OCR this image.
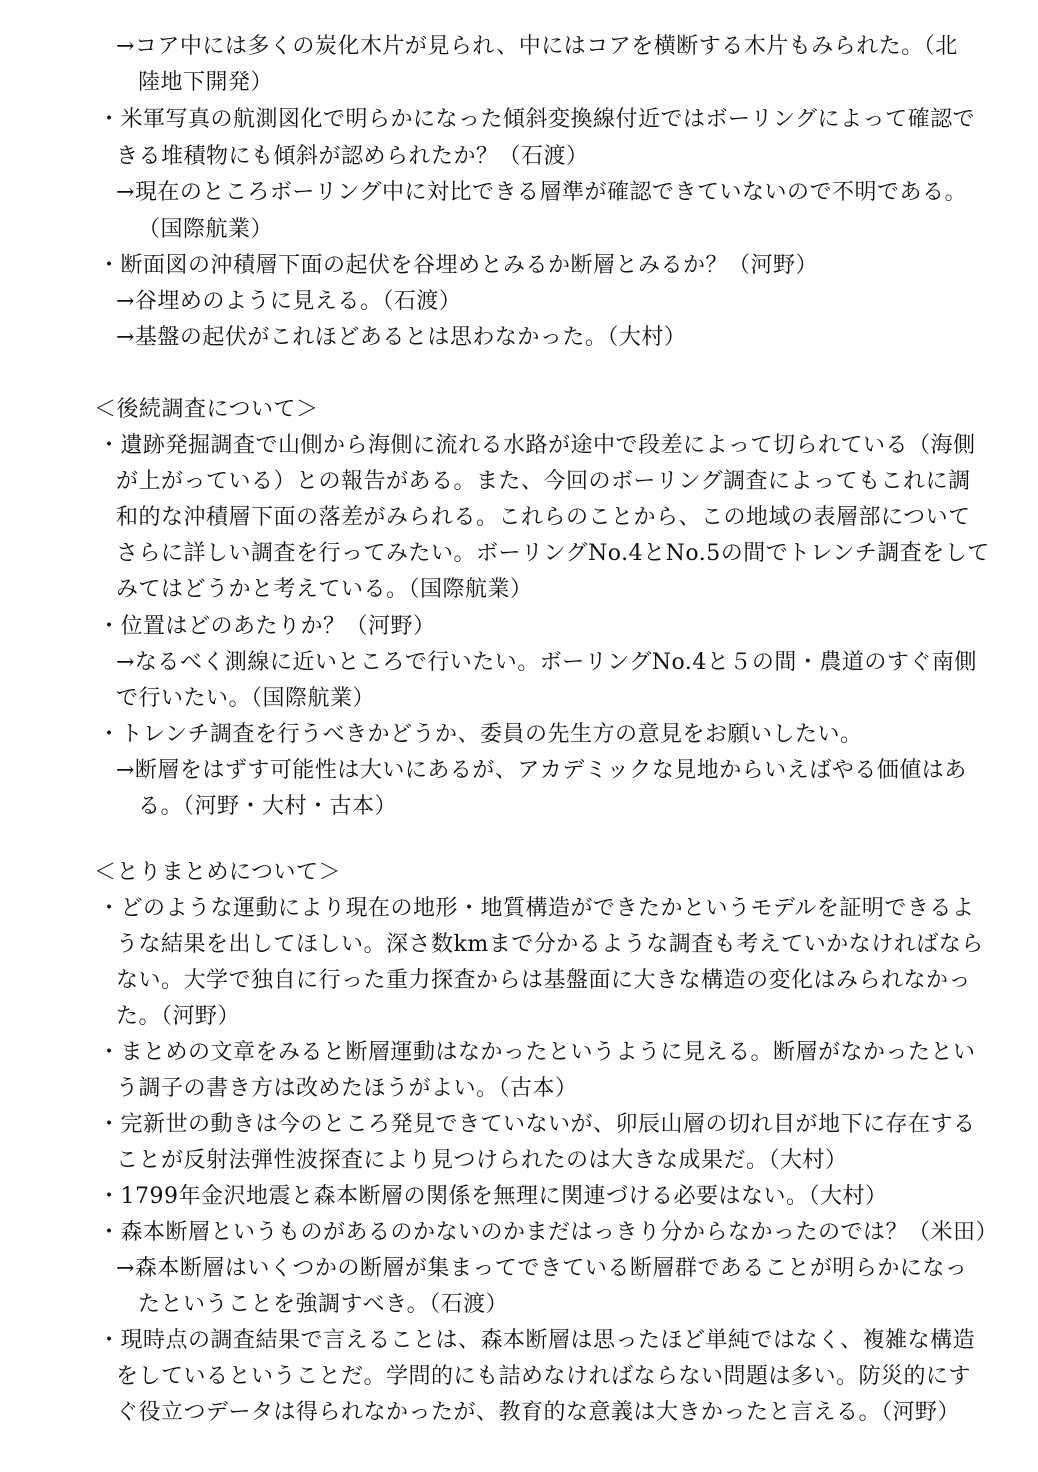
→コア中には多くの炭化木片が見られ、中にはコアを横断する木片もみられた。（北
陸地下開発）
・米軍写真の航測図化で明らかになった傾斜変換線付近ではボーリングによって確認で
きる堆積物にも傾斜が認められたか？（石渡）
→現在のところボーリング中に対比できる層準が確認できていないので不明である。
（国際航業）
・断面図の沖積層下面の起伏を谷埋めとみるか断層とみるか？（河野）
→谷埋めのように見える。（石渡）
→基盤の起伏がこれほどあるとは思わなかった。（大村）
＜後続調査について＞
・遺跡発掘調査で山側から海側に流れる水路が途中で段差によって切られている（海側
が上がっている）との報告がある。また、今回のボーリング調査によってもこれに調
和的な沖積層下面の落差がみられる。これらのことから、この地域の表層部について
さらに詳しい調査を行ってみたい。ボーリングNo.4とNo.5の間でトレンチ調査をして
みてはどうかと考えている。（国際航業）
・位置はどのあたりか？（河野）
→なるべく測線に近いところで行いたい。ボーリングNo.4と５の間・農道のすぐ南側
で行いたい。（国際航業）
・トレンチ調査を行うべきかどうか、委員の先生方の意見をお願いしたい。
→断層をはずす可能性は大いにあるが、アカデミックな見地からいえばやる価値はあ
る。（河野・大村・古本）
＜とりまとめについて＞
・どのような運動により現在の地形・地質構造ができたかというモデルを証明できるよ
うな結果を出してほしい。深さ数kmまで分かるような調査も考えていかなければなら
ない。大学で独自に行った重力探査からは基盤面に大きな構造の変化はみられなかっ
た。（河野）
・まとめの文章をみると断層運動はなかったというように見える。断層がなかったとい
う調子の書き方は改めたほうがよい。（古本）
・完新世の動きは今のところ発見できていないが、卯辰山層の切れ目が地下に存在する
ことが反射法弾性波探査により見つけられたのは大きな成果だ。（大村）
・1799年金沢地震と森本断層の関係を無理に関連づける必要はない。（大村）
・森本断層というものがあるのかないのかまだはっきり分からなかったのでは？（米田）
→森本断層はいくつかの断層が集まってできている断層群であることが明らかになっ
たということを強調すべき。（石渡）
・現時点の調査結果で言えることは、森本断層は思ったほど単純ではなく、複雑な構造
をしているということだ。学問的にも詰めなければならない問題は多い。防災的にす
ぐ役立つデータは得られなかったが、教育的な意義は大きかったと言える。（河野）
